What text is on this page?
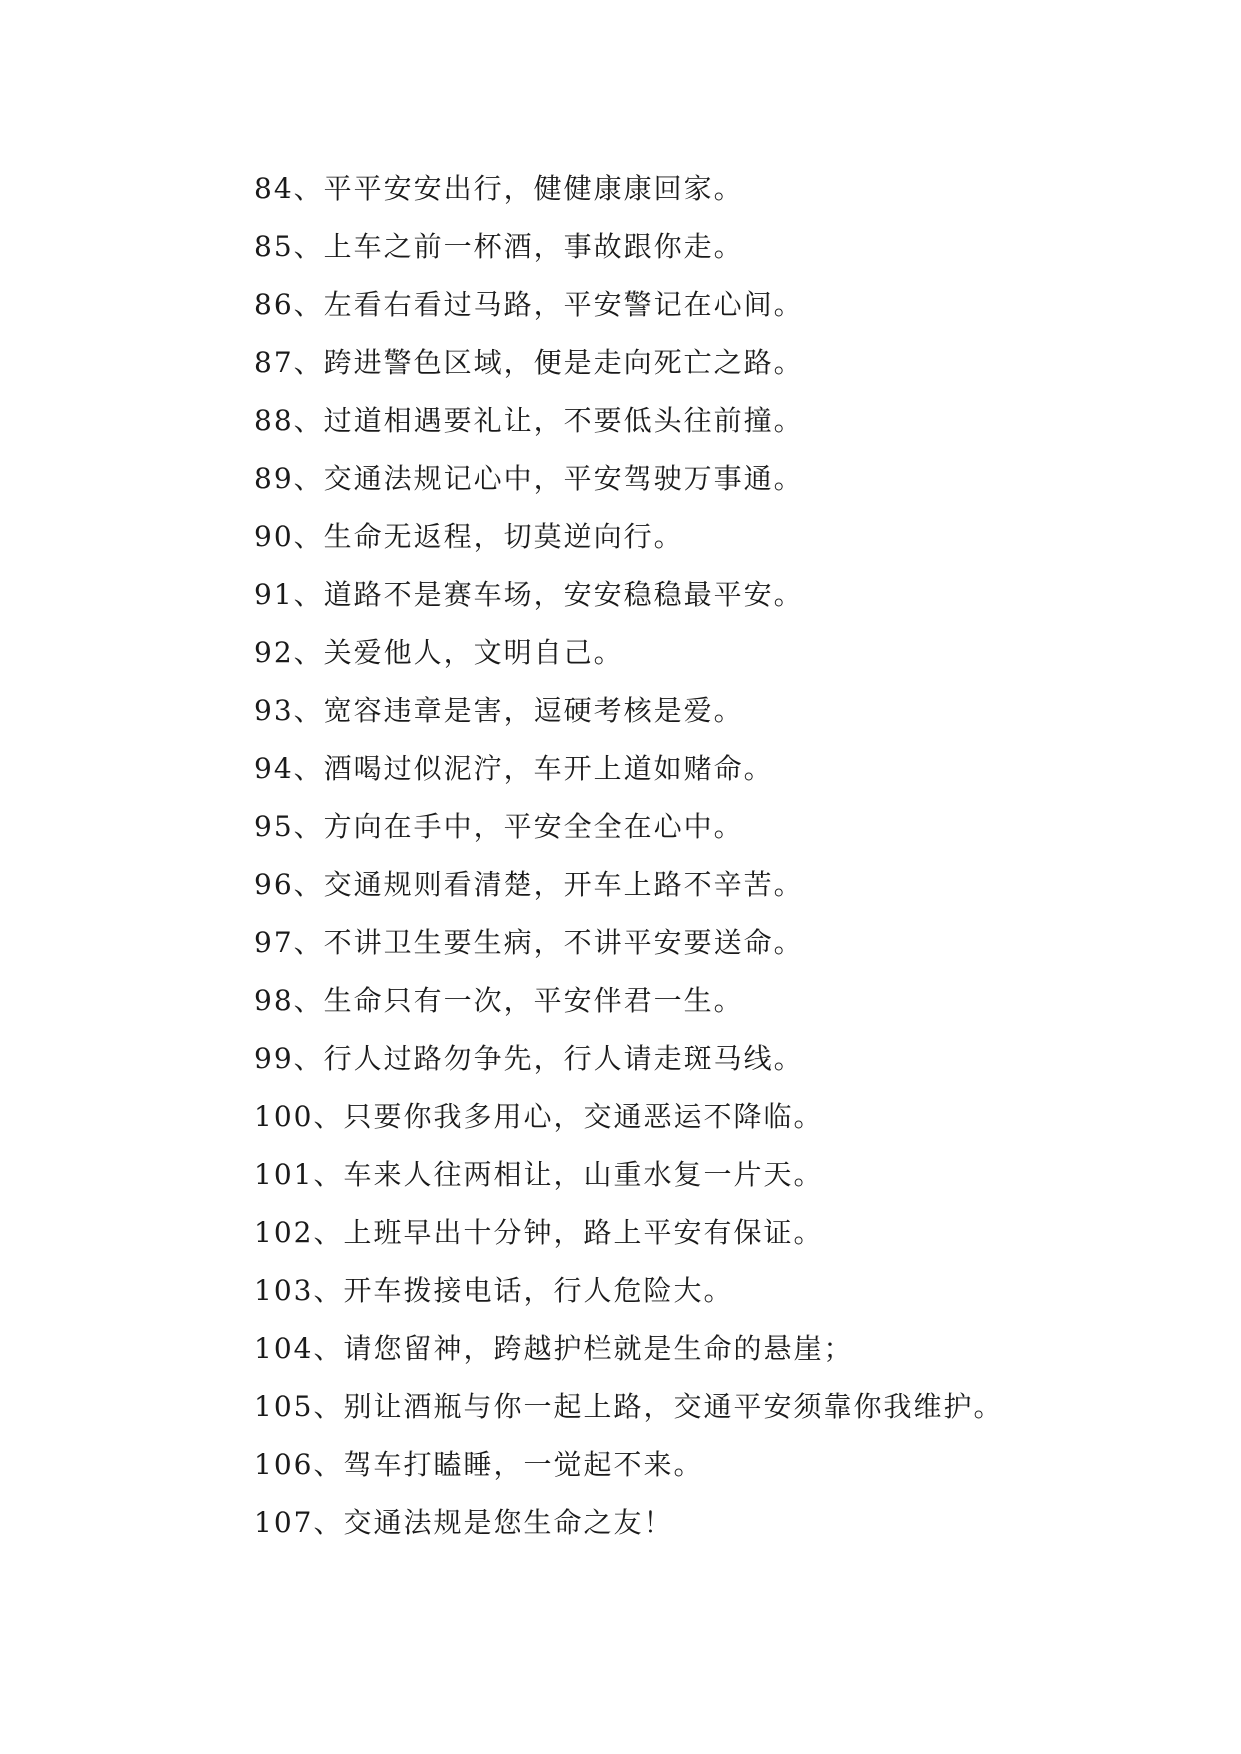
84、平平安安出行，健健康康回家。
85、上车之前一杯酒，事故跟你走。
86、左看右看过马路，平安警记在心间。
87、跨进警色区域，便是走向死亡之路。
88、过道相遇要礼让，不要低头往前撞。
89、交通法规记心中，平安驾驶万事通。
90、生命无返程，切莫逆向行。
91、道路不是赛车场，安安稳稳最平安。
92、关爱他人，文明自己。
93、宽容违章是害，逗硬考核是爱。
94、酒喝过似泥泞，车开上道如赌命。
95、方向在手中，平安全全在心中。
96、交通规则看清楚，开车上路不辛苦。
97、不讲卫生要生病，不讲平安要送命。
98、生命只有一次，平安伴君一生。
99、行人过路勿争先，行人请走斑马线。
100、只要你我多用心，交通恶运不降临。
101、车来人往两相让，山重水复一片天。
102、上班早出十分钟，路上平安有保证。
103、开车拨接电话，行人危险大。
104、请您留神，跨越护栏就是生命的悬崖；
105、别让酒瓶与你一起上路，交通平安须靠你我维护。
106、驾车打瞌睡，一觉起不来。
107、交通法规是您生命之友！
